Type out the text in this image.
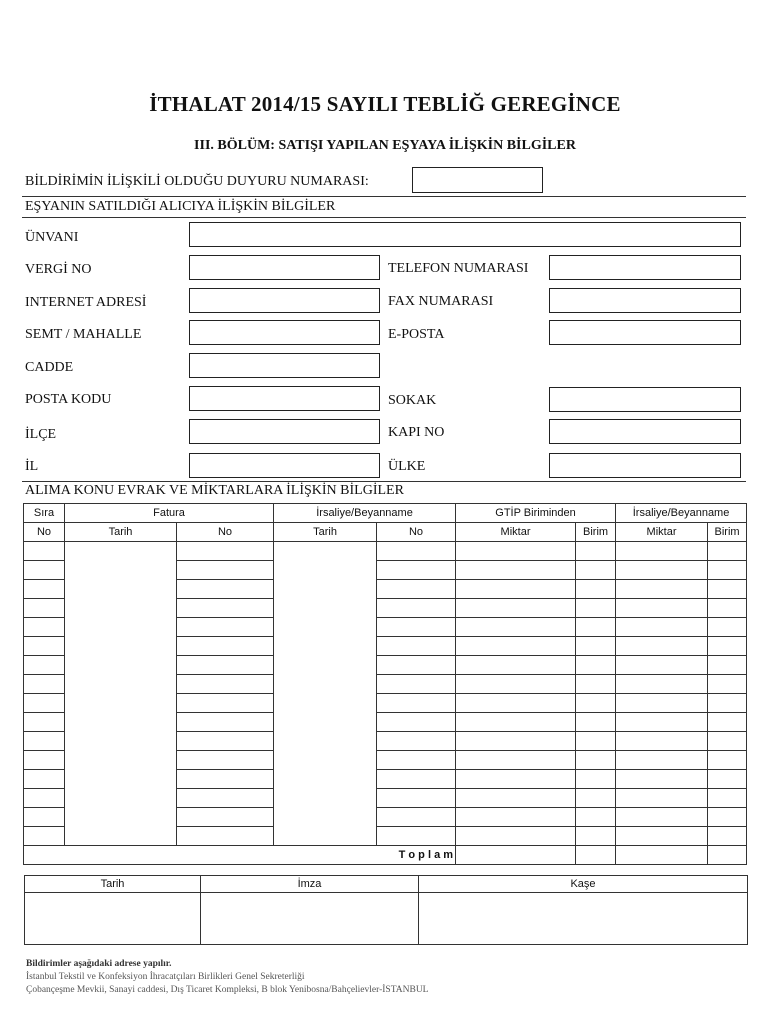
İTHALAT 2014/15 SAYILI TEBLİĞ GEREGİNCE
III. BÖLÜM: SATIŞI YAPILAN EŞYAYA İLİŞKİN BİLGİLER
BİLDİRİMİN İLİŞKİLİ OLDUĞU DUYURU NUMARASI:
EŞYANIN SATILDIĞI ALICIYA İLİŞKİN BİLGİLER
ÜNVANI
VERGİ NO	TELEFON NUMARASI
INTERNET ADRESİ	FAX NUMARASI
SEMT / MAHALLE	E-POSTA
CADDE
POSTA KODU	SOKAK
İLÇE	KAPI NO
İL	ÜLKE
ALIMA KONU EVRAK VE MİKTARLARA İLİŞKİN BİLGİLER
Sıra	Fatura		İrsaliye/Beyanname		GTİP Biriminden		İrsaliye/Beyanname	
No	Tarih	No	Tarih	No	Miktar	Birim	Miktar	Birim

T o p l a m								
Tarih	İmza	Kaşe

Bildirimler aşağıdaki adrese yapılır.
İstanbul Tekstil ve Konfeksiyon İhracatçıları Birlikleri Genel Sekreterliği
Çobançeşme Mevkii, Sanayi caddesi, Dış Ticaret Kompleksi, B blok Yenibosna/Bahçelievler-İSTANBUL
